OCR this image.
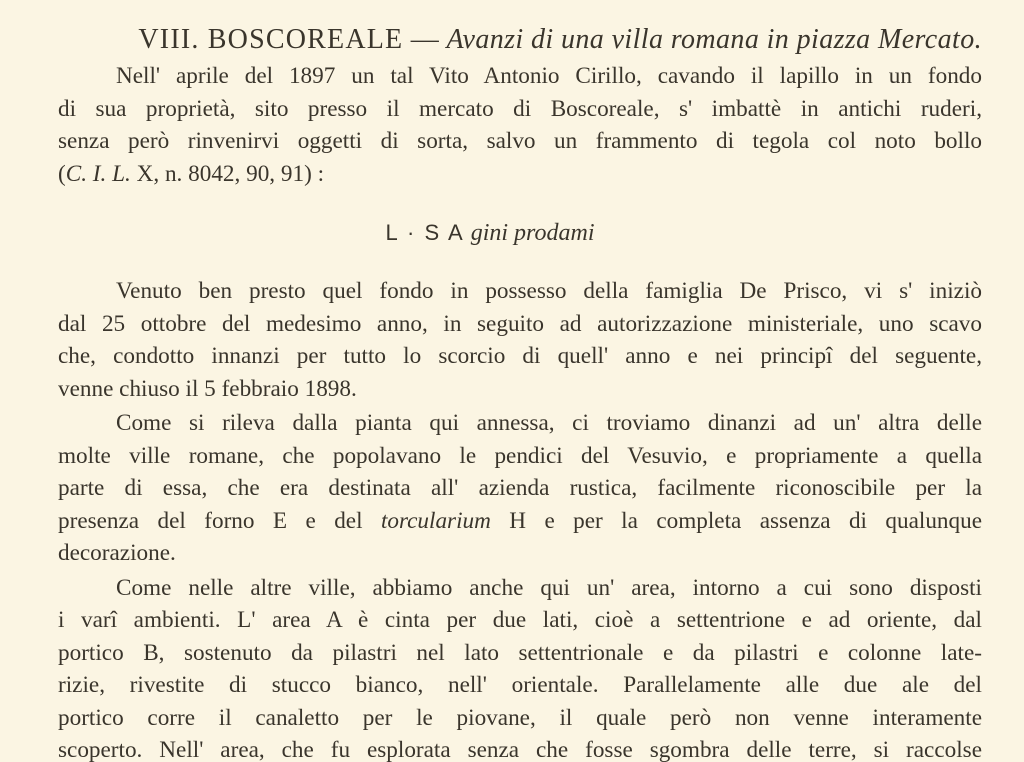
VIII. BOSCOREALE — Avanzi di una villa romana in piazza Mercato.
Nell' aprile del 1897 un tal Vito Antonio Cirillo, cavando il lapillo in un fondo
di sua proprietà, sito presso il mercato di Boscoreale, s' imbattè in antichi ruderi,
senza però rinvenirvi oggetti di sorta, salvo un frammento di tegola col noto bollo
(C. I. L. X, n. 8042, 90, 91) :
L · S A gini prodami
Venuto ben presto quel fondo in possesso della famiglia De Prisco, vi s' iniziò
dal 25 ottobre del medesimo anno, in seguito ad autorizzazione ministeriale, uno scavo
che, condotto innanzi per tutto lo scorcio di quell' anno e nei principî del seguente,
venne chiuso il 5 febbraio 1898.
Come si rileva dalla pianta qui annessa, ci troviamo dinanzi ad un' altra delle
molte ville romane, che popolavano le pendici del Vesuvio, e propriamente a quella
parte di essa, che era destinata all' azienda rustica, facilmente riconoscibile per la
presenza del forno E e del torcularium H e per la completa assenza di qualunque
decorazione.
Come nelle altre ville, abbiamo anche qui un' area, intorno a cui sono disposti
i varî ambienti. L' area A è cinta per due lati, cioè a settentrione e ad oriente, dal
portico B, sostenuto da pilastri nel lato settentrionale e da pilastri e colonne late-
rizie, rivestite di stucco bianco, nell' orientale. Parallelamente alle due ale del
portico corre il canaletto per le piovane, il quale però non venne interamente
scoperto. Nell' area, che fu esplorata senza che fosse sgombra delle terre, si raccolse
